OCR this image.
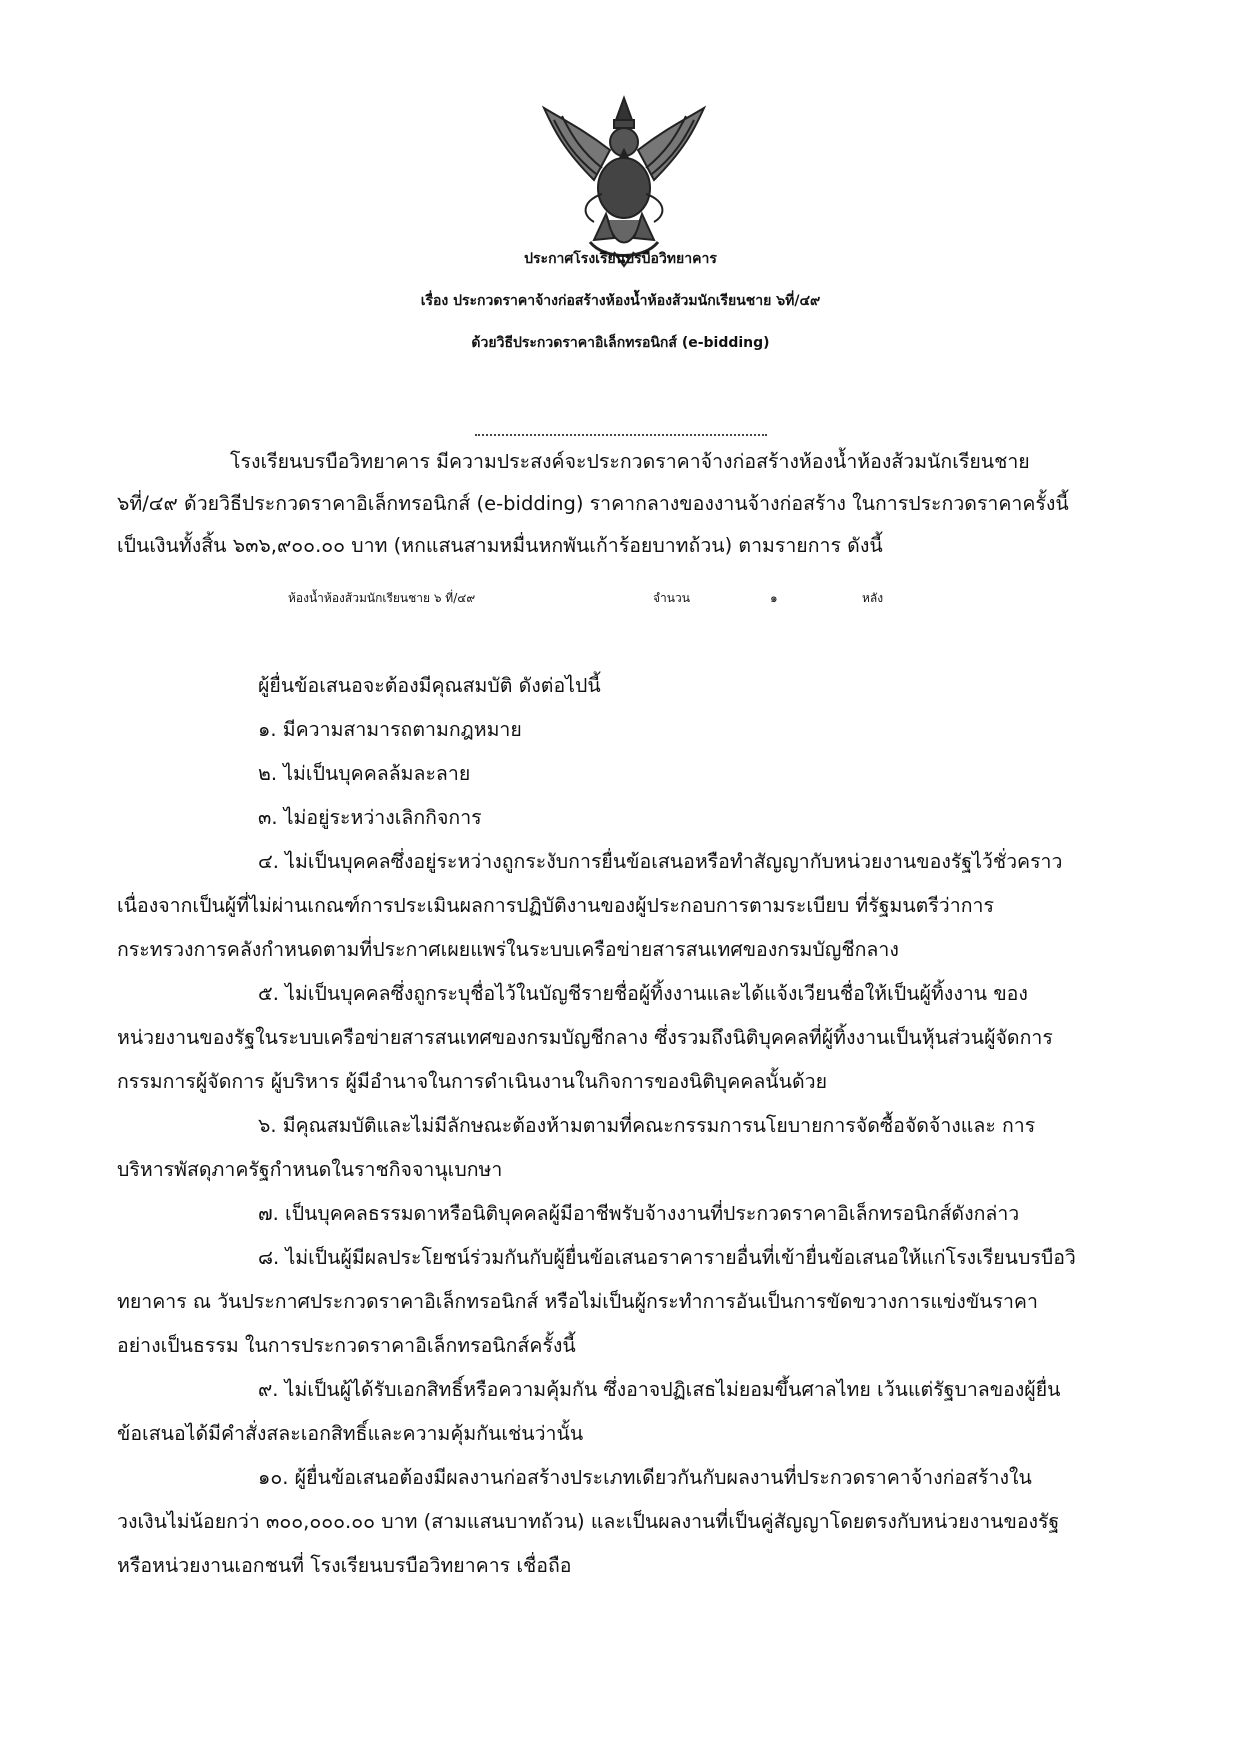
ประกาศโรงเรียนบรบือวิทยาคาร
เรื่อง ประกวดราคาจ้างก่อสร้างห้องน้ำห้องส้วมนักเรียนชาย ๖ที่/๔๙
ด้วยวิธีประกวดราคาอิเล็กทรอนิกส์ (e-bidding)
โรงเรียนบรบือวิทยาคาร มีความประสงค์จะประกวดราคาจ้างก่อสร้างห้องน้ำห้องส้วมนักเรียนชาย
๖ที่/๔๙ ด้วยวิธีประกวดราคาอิเล็กทรอนิกส์ (e-bidding) ราคากลางของงานจ้างก่อสร้าง ในการประกวดราคาครั้งนี้
เป็นเงินทั้งสิ้น ๖๓๖,๙๐๐.๐๐ บาท (หกแสนสามหมื่นหกพันเก้าร้อยบาทถ้วน) ตามรายการ ดังนี้
ห้องน้ำห้องส้วมนักเรียนชาย ๖ ที่/๔๙	จำนวน	๑	หลัง
ผู้ยื่นข้อเสนอจะต้องมีคุณสมบัติ ดังต่อไปนี้
๑. มีความสามารถตามกฎหมาย
๒. ไม่เป็นบุคคลล้มละลาย
๓. ไม่อยู่ระหว่างเลิกกิจการ
๔. ไม่เป็นบุคคลซึ่งอยู่ระหว่างถูกระงับการยื่นข้อเสนอหรือทำสัญญากับหน่วยงานของรัฐไว้ชั่วคราว
เนื่องจากเป็นผู้ที่ไม่ผ่านเกณฑ์การประเมินผลการปฏิบัติงานของผู้ประกอบการตามระเบียบ ที่รัฐมนตรีว่าการ
กระทรวงการคลังกำหนดตามที่ประกาศเผยแพร่ในระบบเครือข่ายสารสนเทศของกรมบัญชีกลาง
๕. ไม่เป็นบุคคลซึ่งถูกระบุชื่อไว้ในบัญชีรายชื่อผู้ทิ้งงานและได้แจ้งเวียนชื่อให้เป็นผู้ทิ้งงาน ของ
หน่วยงานของรัฐในระบบเครือข่ายสารสนเทศของกรมบัญชีกลาง ซึ่งรวมถึงนิติบุคคลที่ผู้ทิ้งงานเป็นหุ้นส่วนผู้จัดการ
กรรมการผู้จัดการ ผู้บริหาร ผู้มีอำนาจในการดำเนินงานในกิจการของนิติบุคคลนั้นด้วย
๖. มีคุณสมบัติและไม่มีลักษณะต้องห้ามตามที่คณะกรรมการนโยบายการจัดซื้อจัดจ้างและ การ
บริหารพัสดุภาครัฐกำหนดในราชกิจจานุเบกษา
๗. เป็นบุคคลธรรมดาหรือนิติบุคคลผู้มีอาชีพรับจ้างงานที่ประกวดราคาอิเล็กทรอนิกส์ดังกล่าว
๘. ไม่เป็นผู้มีผลประโยชน์ร่วมกันกับผู้ยื่นข้อเสนอราคารายอื่นที่เข้ายื่นข้อเสนอให้แก่โรงเรียนบรบือวิ
ทยาคาร ณ วันประกาศประกวดราคาอิเล็กทรอนิกส์ หรือไม่เป็นผู้กระทำการอันเป็นการขัดขวางการแข่งขันราคา
อย่างเป็นธรรม ในการประกวดราคาอิเล็กทรอนิกส์ครั้งนี้
๙. ไม่เป็นผู้ได้รับเอกสิทธิ์หรือความคุ้มกัน ซึ่งอาจปฏิเสธไม่ยอมขึ้นศาลไทย เว้นแต่รัฐบาลของผู้ยื่น
ข้อเสนอได้มีคำสั่งสละเอกสิทธิ์และความคุ้มกันเช่นว่านั้น
๑๐. ผู้ยื่นข้อเสนอต้องมีผลงานก่อสร้างประเภทเดียวกันกับผลงานที่ประกวดราคาจ้างก่อสร้างใน
วงเงินไม่น้อยกว่า ๓๐๐,๐๐๐.๐๐ บาท (สามแสนบาทถ้วน) และเป็นผลงานที่เป็นคู่สัญญาโดยตรงกับหน่วยงานของรัฐ
หรือหน่วยงานเอกชนที่ โรงเรียนบรบือวิทยาคาร เชื่อถือ
